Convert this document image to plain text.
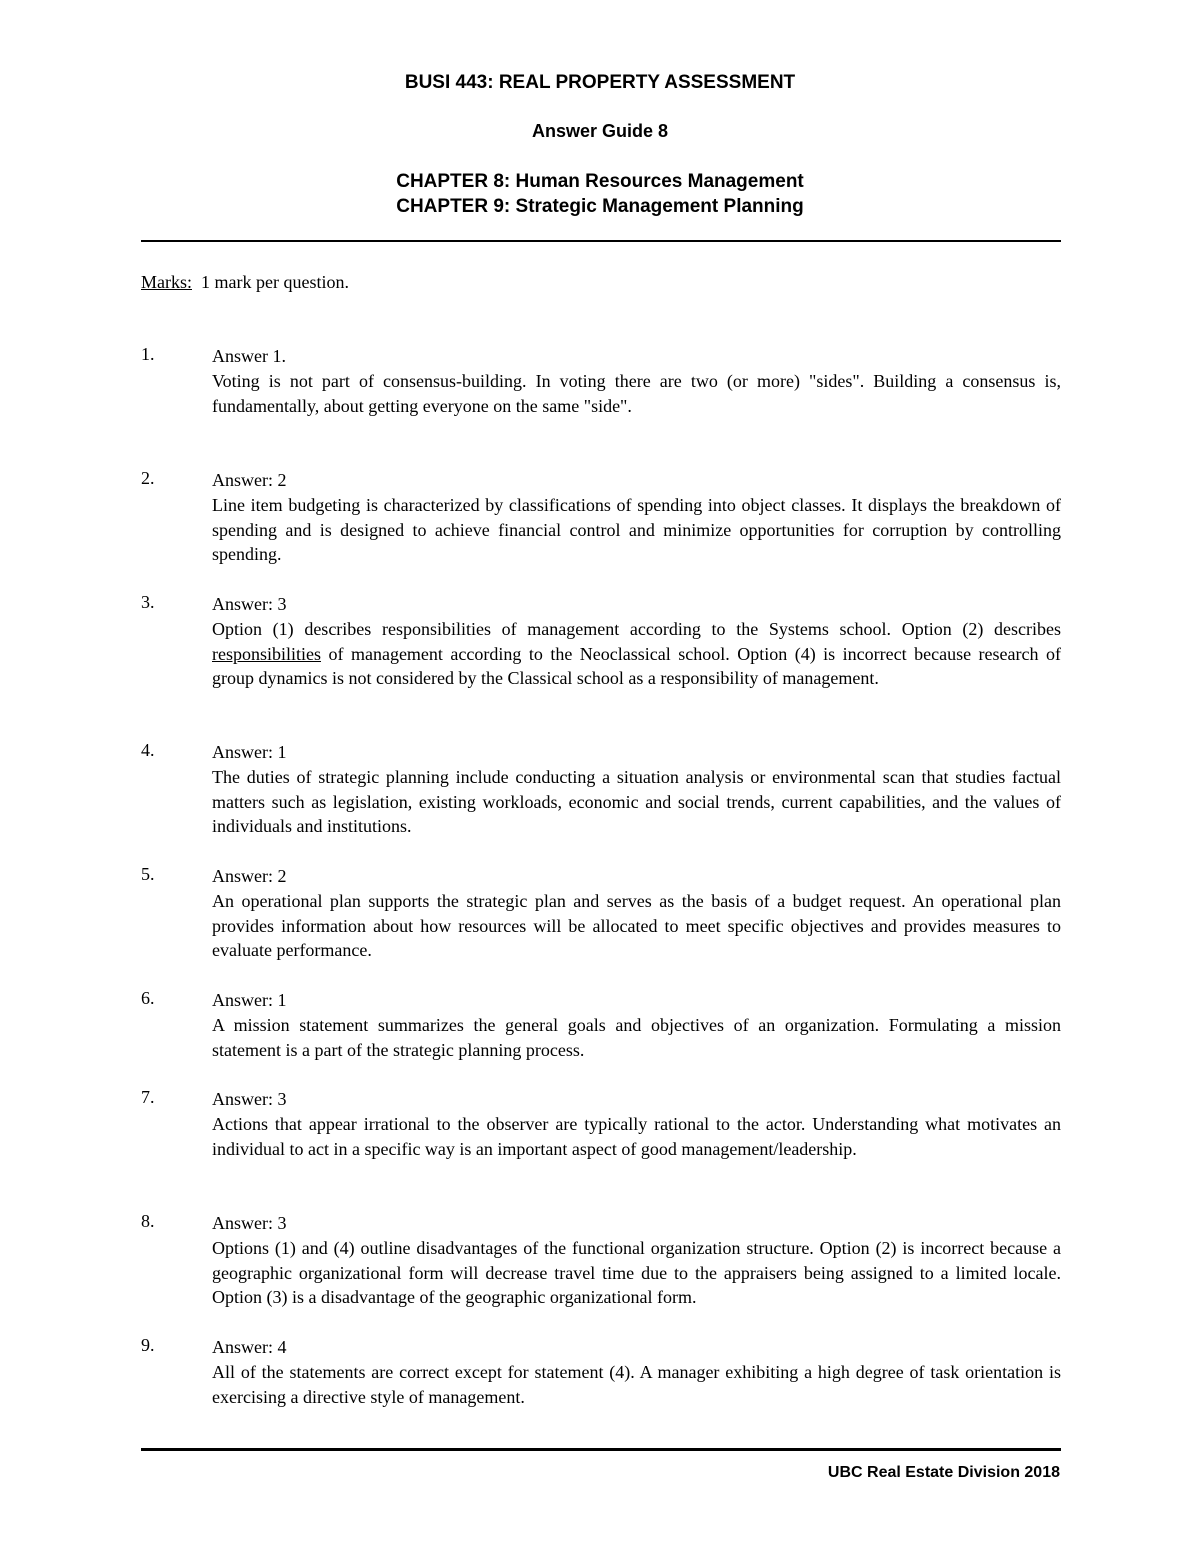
BUSI 443: REAL PROPERTY ASSESSMENT
Answer Guide 8
CHAPTER 8: Human Resources Management
CHAPTER 9: Strategic Management Planning
Marks: 1 mark per question.
1.	Answer 1.

Voting is not part of consensus-building. In voting there are two (or more) "sides". Building a consensus is, fundamentally, about getting everyone on the same "side".

2.	Answer: 2

Line item budgeting is characterized by classifications of spending into object classes. It displays the breakdown of spending and is designed to achieve financial control and minimize opportunities for corruption by controlling spending.

3.	Answer: 3

Option (1) describes responsibilities of management according to the Systems school. Option (2) describes responsibilities of management according to the Neoclassical school. Option (4) is incorrect because research of group dynamics is not considered by the Classical school as a responsibility of management.

4.	Answer: 1

The duties of strategic planning include conducting a situation analysis or environmental scan that studies factual matters such as legislation, existing workloads, economic and social trends, current capabilities, and the values of individuals and institutions.

5.	Answer: 2

An operational plan supports the strategic plan and serves as the basis of a budget request. An operational plan provides information about how resources will be allocated to meet specific objectives and provides measures to evaluate performance.

6.	Answer: 1

A mission statement summarizes the general goals and objectives of an organization. Formulating a mission statement is a part of the strategic planning process.

7.	Answer: 3

Actions that appear irrational to the observer are typically rational to the actor. Understanding what motivates an individual to act in a specific way is an important aspect of good management/leadership.

8.	Answer: 3

Options (1) and (4) outline disadvantages of the functional organization structure. Option (2) is incorrect because a geographic organizational form will decrease travel time due to the appraisers being assigned to a limited locale. Option (3) is a disadvantage of the geographic organizational form.

9.	Answer: 4

All of the statements are correct except for statement (4). A manager exhibiting a high degree of task orientation is exercising a directive style of management.

UBC Real Estate Division 2018
